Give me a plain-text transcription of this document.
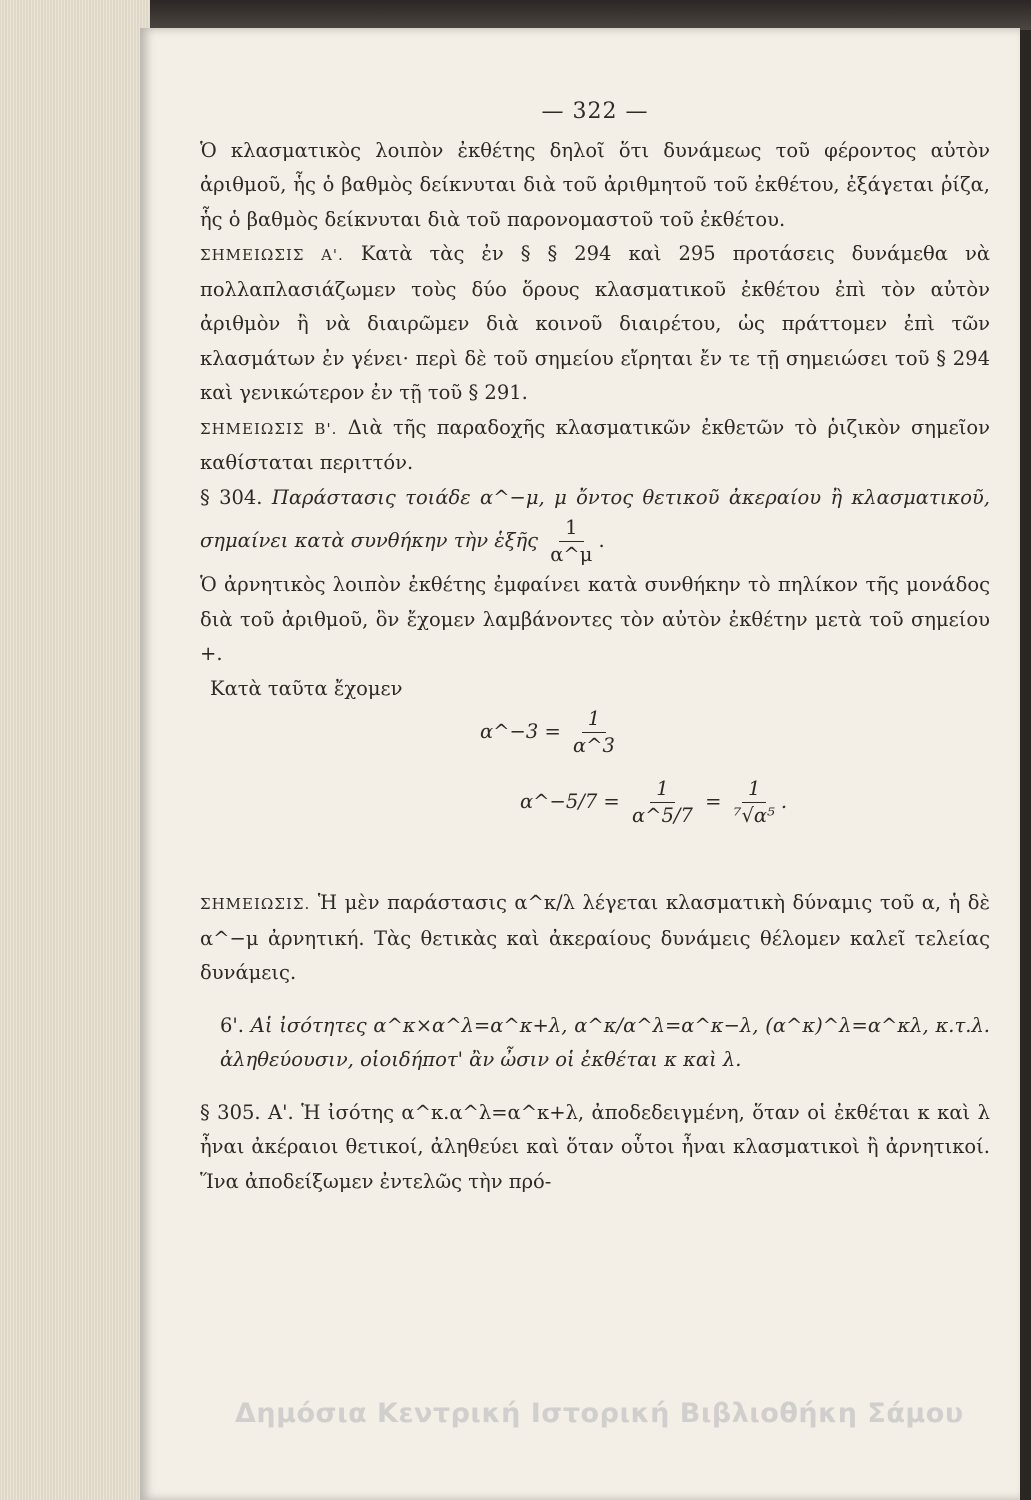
— 322 —

Ὁ κλασματικὸς λοιπὸν ἐκθέτης δηλοῖ ὅτι δυνάμεως τοῦ φέροντος αὐτὸν ἀριθμοῦ, ἧς ὁ βαθμὸς δείκνυται διὰ τοῦ ἀριθμητοῦ τοῦ ἐκθέτου, ἐξάγεται ῥίζα, ἧς ὁ βαθμὸς δείκνυται διὰ τοῦ παρονομαστοῦ τοῦ ἐκθέτου.

ΣΗΜΕΙΩΣΙΣ Α'. Κατὰ τὰς ἐν § § 294 καὶ 295 προτάσεις δυνάμεθα νὰ πολλαπλασιάζωμεν τοὺς δύο ὅρους κλασματικοῦ ἐκθέτου ἐπὶ τὸν αὐτὸν ἀριθμὸν ἢ νὰ διαιρῶμεν διὰ κοινοῦ διαιρέτου, ὡς πράττομεν ἐπὶ τῶν κλασμάτων ἐν γένει· περὶ δὲ τοῦ σημείου εἴρηται ἔν τε τῇ σημειώσει τοῦ § 294 καὶ γενικώτερον ἐν τῇ τοῦ § 291.

ΣΗΜΕΙΩΣΙΣ Β'. Διὰ τῆς παραδοχῆς κλασματικῶν ἐκθετῶν τὸ ῥιζικὸν σημεῖον καθίσταται περιττόν.

§ 304. Παράστασις τοιάδε α^−μ, μ ὄντος θετικοῦ ἀκεραίου ἢ κλασματικοῦ, σημαίνει κατὰ συνθήκην τὴν ἑξῆς $\frac{1}{\alpha\^{}\mu}$ .

Ὁ ἀρνητικὸς λοιπὸν ἐκθέτης ἐμφαίνει κατὰ συνθήκην τὸ πηλίκον τῆς μονάδος διὰ τοῦ ἀριθμοῦ, ὃν ἔχομεν λαμβάνοντες τὸν αὐτὸν ἐκθέτην μετὰ τοῦ σημείου +.

Κατὰ ταῦτα ἔχομεν

α^−3 = $\frac{1}{\alpha\^{}3}$
α^−5/7 = $\frac{1}{\alpha\^{}5/7} = \frac{1}{\text{⁷√α⁵}}$ .

ΣΗΜΕΙΩΣΙΣ. Ἡ μὲν παράστασις α^κ/λ λέγεται κλασματικὴ δύναμις τοῦ α, ἡ δὲ α^−μ ἀρνητική. Τὰς θετικὰς καὶ ἀκεραίους δυνάμεις θέλομεν καλεῖ τελείας δυνάμεις.

6'. Αἱ ἰσότητες α^κ×α^λ=α^κ+λ, α^κ/α^λ=α^κ−λ, (α^κ)^λ=α^κλ, κ.τ.λ. ἀληθεύουσιν, οἱοιδήποτ' ἂν ὦσιν οἱ ἐκθέται κ καὶ λ.

§ 305. Α'. Ἡ ἰσότης α^κ.α^λ=α^κ+λ, ἀποδεδειγμένη, ὅταν οἱ ἐκθέται κ καὶ λ ἦναι ἀκέραιοι θετικοί, ἀληθεύει καὶ ὅταν οὗτοι ἦναι κλασματικοὶ ἢ ἀρνητικοί. Ἵνα ἀποδείξωμεν ἐντελῶς τὴν πρό-

Δημόσια Κεντρική Ιστορική Βιβλιοθήκη Σάμου
